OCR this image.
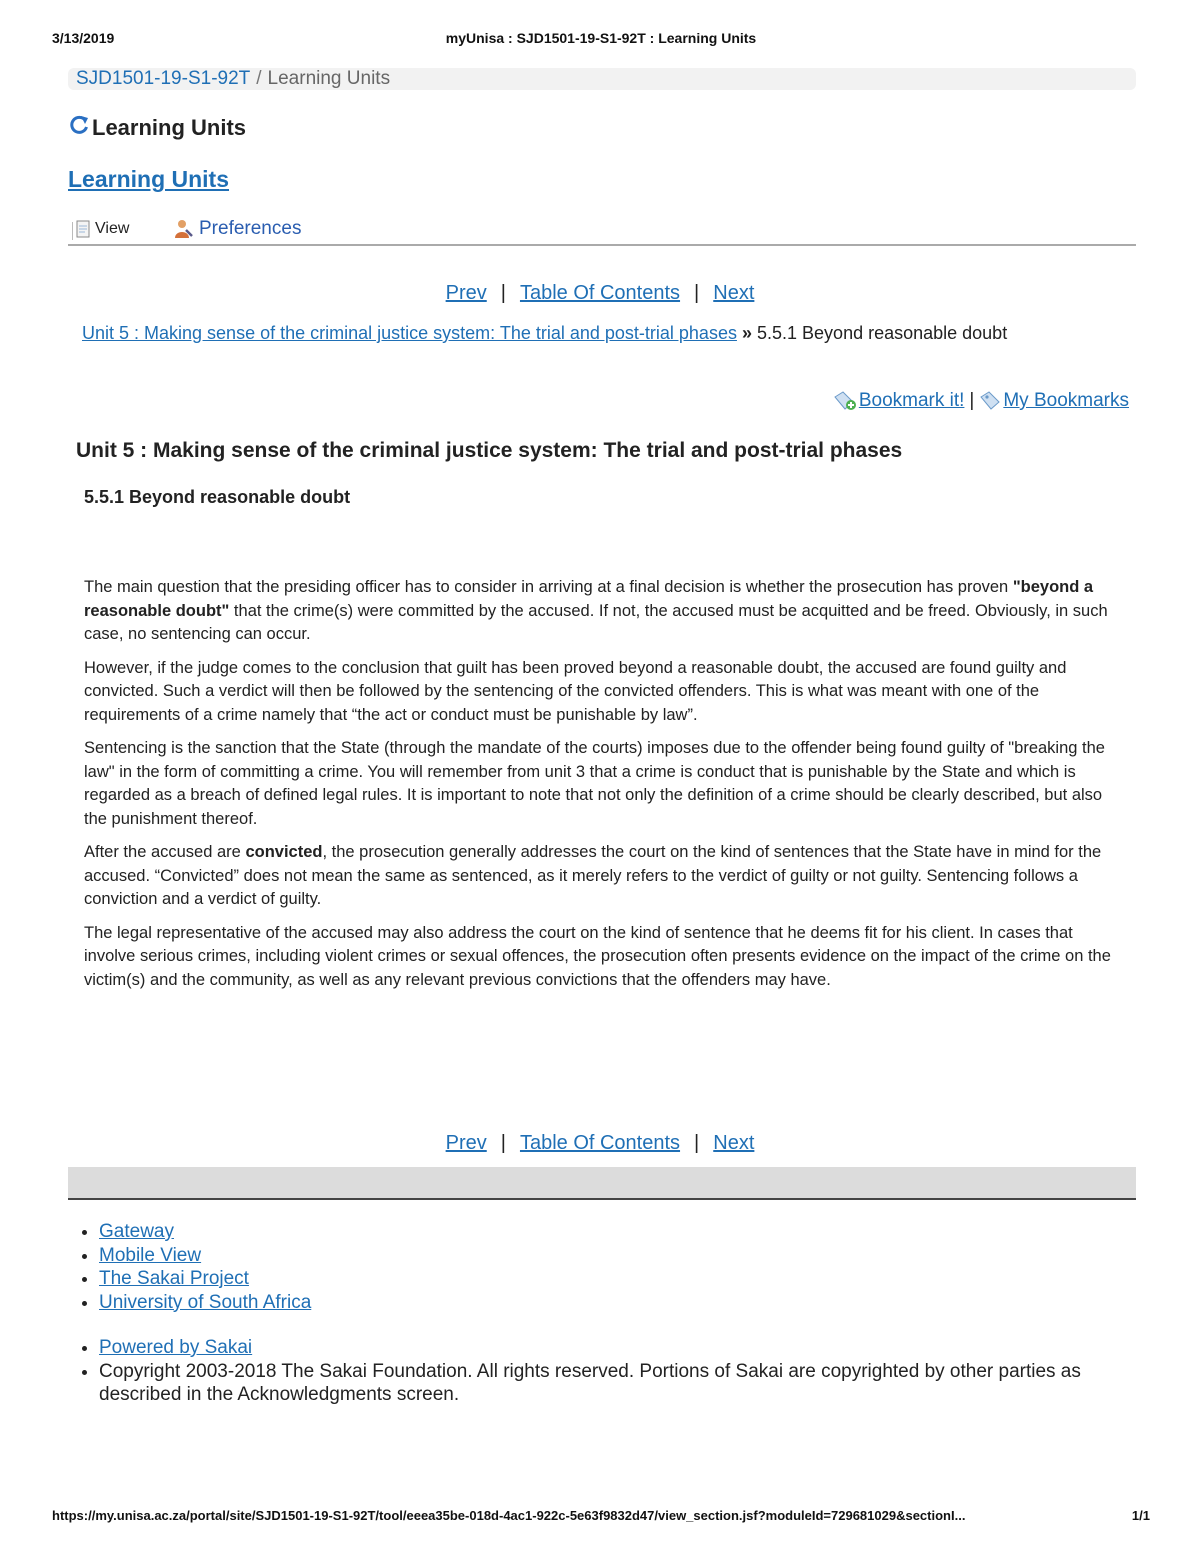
3/13/2019	myUnisa : SJD1501-19-S1-92T : Learning Units
SJD1501-19-S1-92T / Learning Units
Learning Units
Learning Units
View	Preferences
Prev | Table Of Contents | Next
Unit 5 : Making sense of the criminal justice system: The trial and post-trial phases » 5.5.1 Beyond reasonable doubt
Bookmark it! | My Bookmarks
Unit 5 : Making sense of the criminal justice system: The trial and post-trial phases
5.5.1 Beyond reasonable doubt

The main question that the presiding officer has to consider in arriving at a final decision is whether the prosecution has proven "beyond a reasonable doubt" that the crime(s) were committed by the accused. If not, the accused must be acquitted and be freed. Obviously, in such case, no sentencing can occur.

However, if the judge comes to the conclusion that guilt has been proved beyond a reasonable doubt, the accused are found guilty and convicted. Such a verdict will then be followed by the sentencing of the convicted offenders. This is what was meant with one of the requirements of a crime namely that “the act or conduct must be punishable by law”.

Sentencing is the sanction that the State (through the mandate of the courts) imposes due to the offender being found guilty of "breaking the law" in the form of committing a crime. You will remember from unit 3 that a crime is conduct that is punishable by the State and which is regarded as a breach of defined legal rules. It is important to note that not only the definition of a crime should be clearly described, but also the punishment thereof.

After the accused are convicted, the prosecution generally addresses the court on the kind of sentences that the State have in mind for the accused. “Convicted” does not mean the same as sentenced, as it merely refers to the verdict of guilty or not guilty. Sentencing follows a conviction and a verdict of guilty.

The legal representative of the accused may also address the court on the kind of sentence that he deems fit for his client. In cases that involve serious crimes, including violent crimes or sexual offences, the prosecution often presents evidence on the impact of the crime on the victim(s) and the community, as well as any relevant previous convictions that the offenders may have.

Prev | Table Of Contents | Next
• Gateway
• Mobile View
• The Sakai Project
• University of South Africa
• Powered by Sakai
• Copyright 2003-2018 The Sakai Foundation. All rights reserved. Portions of Sakai are copyrighted by other parties as described in the Acknowledgments screen.
https://my.unisa.ac.za/portal/site/SJD1501-19-S1-92T/tool/eeea35be-018d-4ac1-922c-5e63f9832d47/view_section.jsf?moduleId=729681029&sectionI...	1/1
